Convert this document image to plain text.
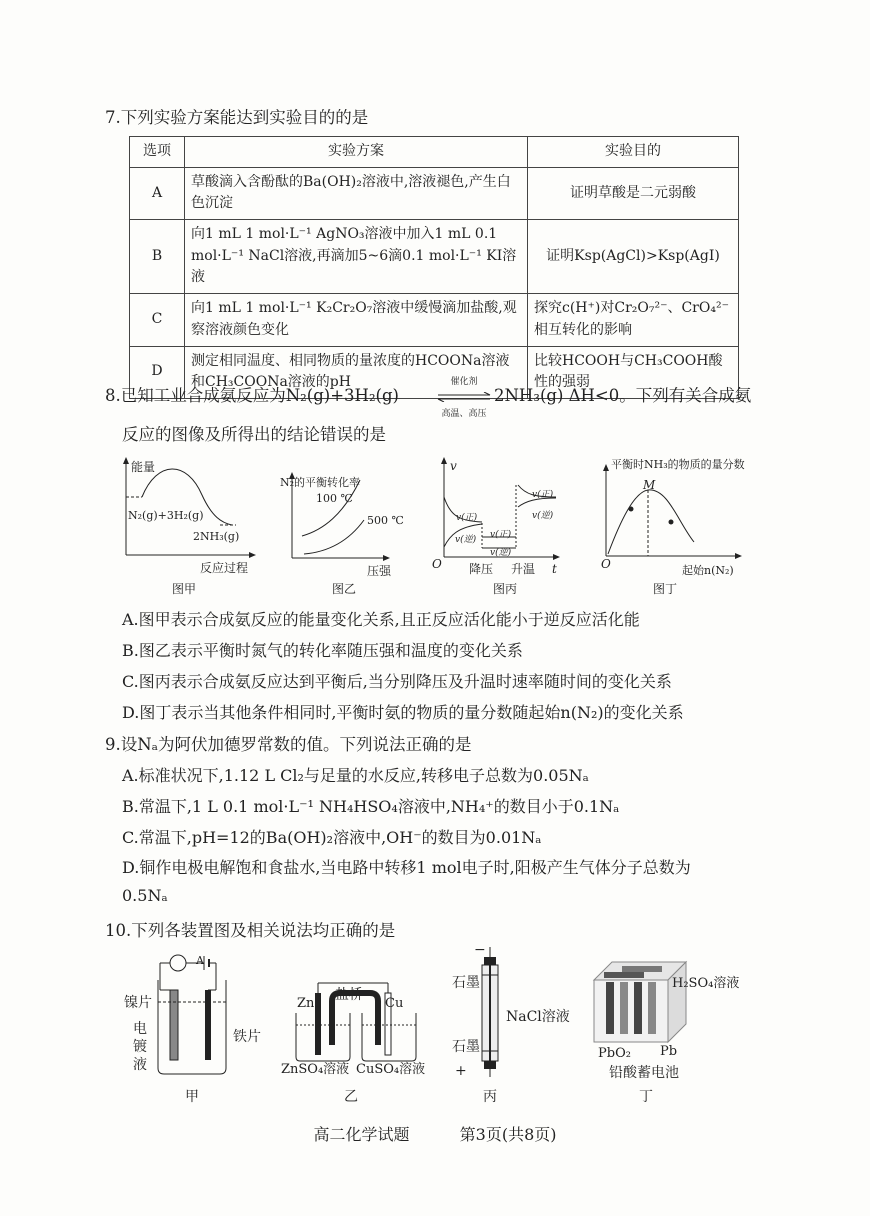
7.下列实验方案能达到实验目的的是
选项	实验方案	实验目的
A	草酸滴入含酚酞的Ba(OH)₂溶液中,溶液褪色,产生白色沉淀	证明草酸是二元弱酸
B	向1 mL 1 mol·L⁻¹ AgNO₃溶液中加入1 mL 0.1 mol·L⁻¹ NaCl溶液,再滴加5~6滴0.1 mol·L⁻¹ KI溶液	证明Ksp(AgCl)>Ksp(AgI)
C	向1 mL 1 mol·L⁻¹ K₂Cr₂O₇溶液中缓慢滴加盐酸,观察溶液颜色变化	探究c(H⁺)对Cr₂O₇²⁻、CrO₄²⁻相互转化的影响
D	测定相同温度、相同物质的量浓度的HCOONa溶液和CH₃COONa溶液的pH	比较HCOOH与CH₃COOH酸性的强弱
8.已知工业合成氨反应为N₂(g)+3H₂(g)
催化剂
高温、高压
2NH₃(g) ΔH<0。下列有关合成氨
反应的图像及所得出的结论错误的是
能量
N₂(g)+3H₂(g)
2NH₃(g)
反应过程
图甲
N₂的平衡转化率
100 ℃
500 ℃
压强
图乙
v
O
v(正)
v(逆) v(正)
v(逆)
v(正)
v(逆)
降压 升温 t
图丙
平衡时NH₃的物质的量分数
M
O	起始n(N₂)
图丁
A.图甲表示合成氨反应的能量变化关系,且正反应活化能小于逆反应活化能
B.图乙表示平衡时氮气的转化率随压强和温度的变化关系
C.图丙表示合成氨反应达到平衡后,当分别降压及升温时速率随时间的变化关系
D.图丁表示当其他条件相同时,平衡时氨的物质的量分数随起始n(N₂)的变化关系
9.设Nₐ为阿伏加德罗常数的值。下列说法正确的是
A.标准状况下,1.12 L Cl₂与足量的水反应,转移电子总数为0.05Nₐ
B.常温下,1 L 0.1 mol·L⁻¹ NH₄HSO₄溶液中,NH₄⁺的数目小于0.1Nₐ
C.常温下,pH=12的Ba(OH)₂溶液中,OH⁻的数目为0.01Nₐ
D.铜作电极电解饱和食盐水,当电路中转移1 mol电子时,阳极产生气体分子总数为
0.5Nₐ
10.下列各装置图及相关说法均正确的是
A
镍片
电
镀
液
铁片
甲
盐桥
Zn	Cu
ZnSO₄溶液 CuSO₄溶液
乙
−
+
石墨
石墨
NaCl溶液
丙
H₂SO₄溶液
PbO₂ Pb
铅酸蓄电池
丁
高二化学试题	第3页(共8页)
